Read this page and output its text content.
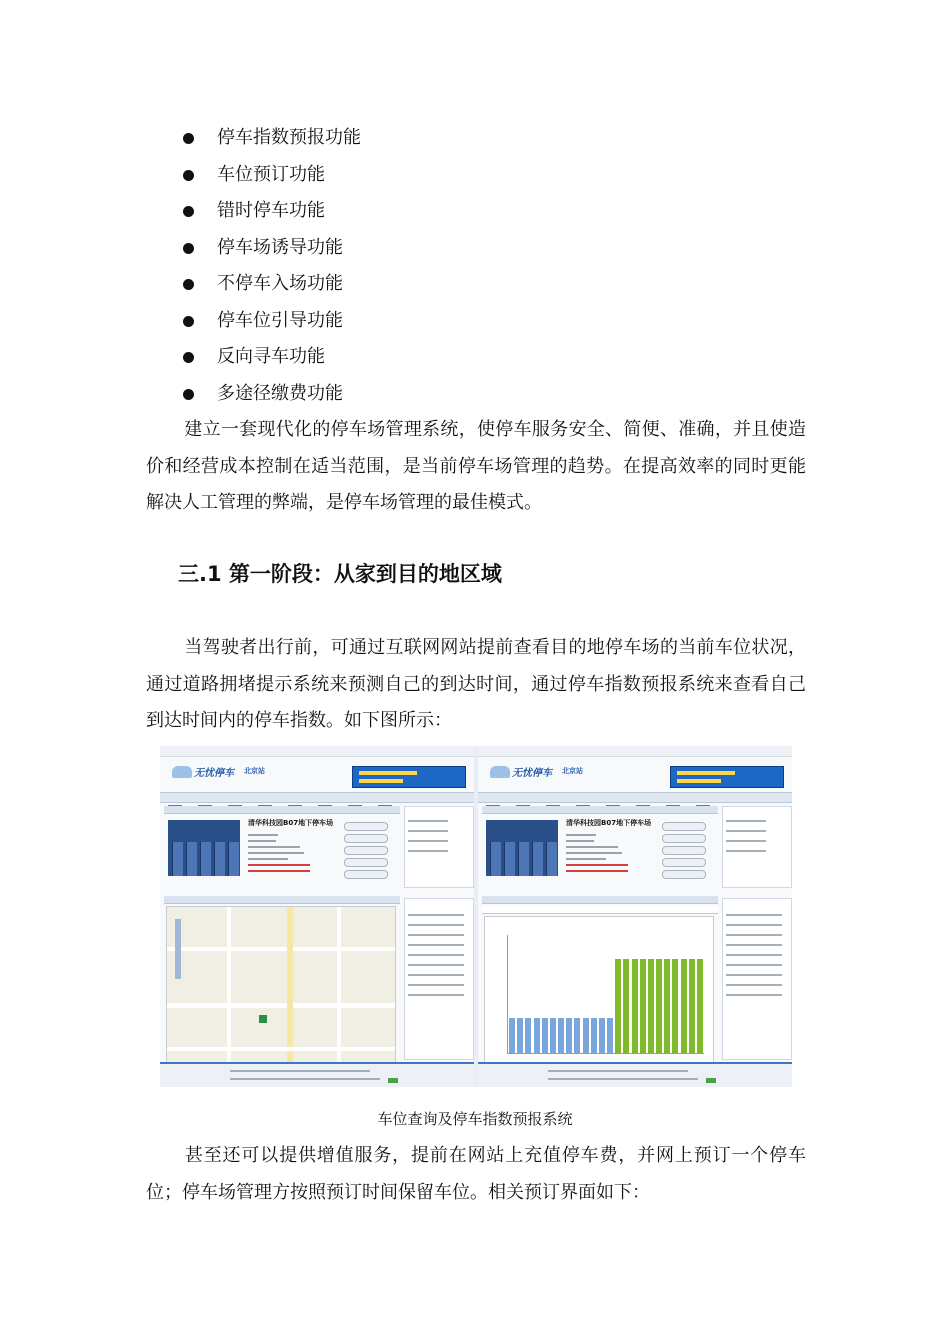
停车指数预报功能
车位预订功能
错时停车功能
停车场诱导功能
不停车入场功能
停车位引导功能
反向寻车功能
多途径缴费功能

建立一套现代化的停车场管理系统，使停车服务安全、简便、准确，并且使造价和经营成本控制在适当范围，是当前停车场管理的趋势。在提高效率的同时更能解决人工管理的弊端，是停车场管理的最佳模式。

三.1 第一阶段：从家到目的地区域

当驾驶者出行前，可通过互联网网站提前查看目的地停车场的当前车位状况，通过道路拥堵提示系统来预测自己的到达时间，通过停车指数预报系统来查看自己到达时间内的停车指数。如下图所示：

无忧停车 北京站
清华科技园B07地下停车场
无忧停车 北京站
清华科技园B07地下停车场
车位查询及停车指数预报系统

甚至还可以提供增值服务，提前在网站上充值停车费，并网上预订一个停车位；停车场管理方按照预订时间保留车位。相关预订界面如下：
